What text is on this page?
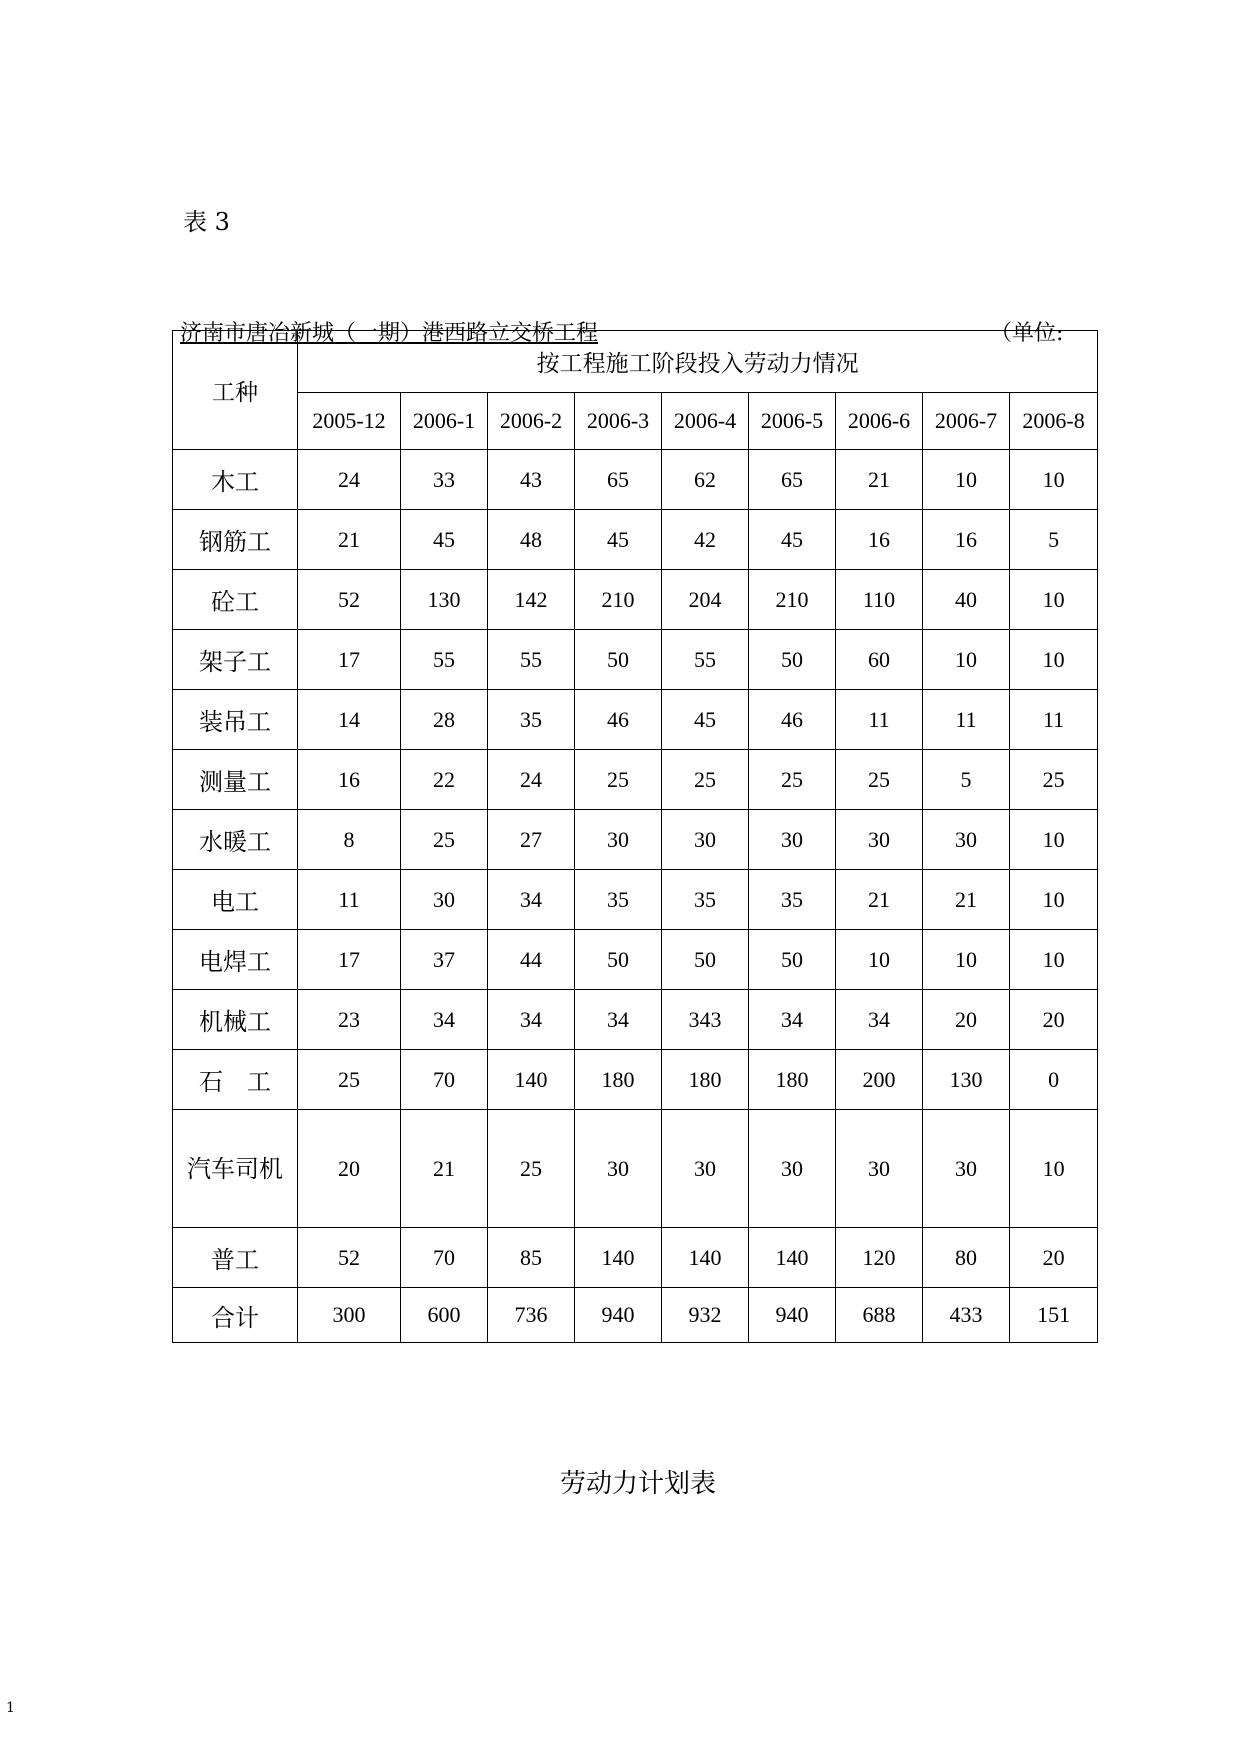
表 3
济南市唐冶新城（一期）港西路立交桥工程	（单位:
工种	按工程施工阶段投入劳动力情况								
	2005-12	2006-1	2006-2	2006-3	2006-4	2006-5	2006-6	2006-7	2006-8
木工	24	33	43	65	62	65	21	10	10
钢筋工	21	45	48	45	42	45	16	16	5
砼工	52	130	142	210	204	210	110	40	10
架子工	17	55	55	50	55	50	60	10	10
装吊工	14	28	35	46	45	46	11	11	11
测量工	16	22	24	25	25	25	25	5	25
水暖工	8	25	27	30	30	30	30	30	10
电工	11	30	34	35	35	35	21	21	10
电焊工	17	37	44	50	50	50	10	10	10
机械工	23	34	34	34	343	34	34	20	20
石　工	25	70	140	180	180	180	200	130	0
汽车司机	20	21	25	30	30	30	30	30	10
普工	52	70	85	140	140	140	120	80	20
合计	300	600	736	940	932	940	688	433	151
劳动力计划表
1
